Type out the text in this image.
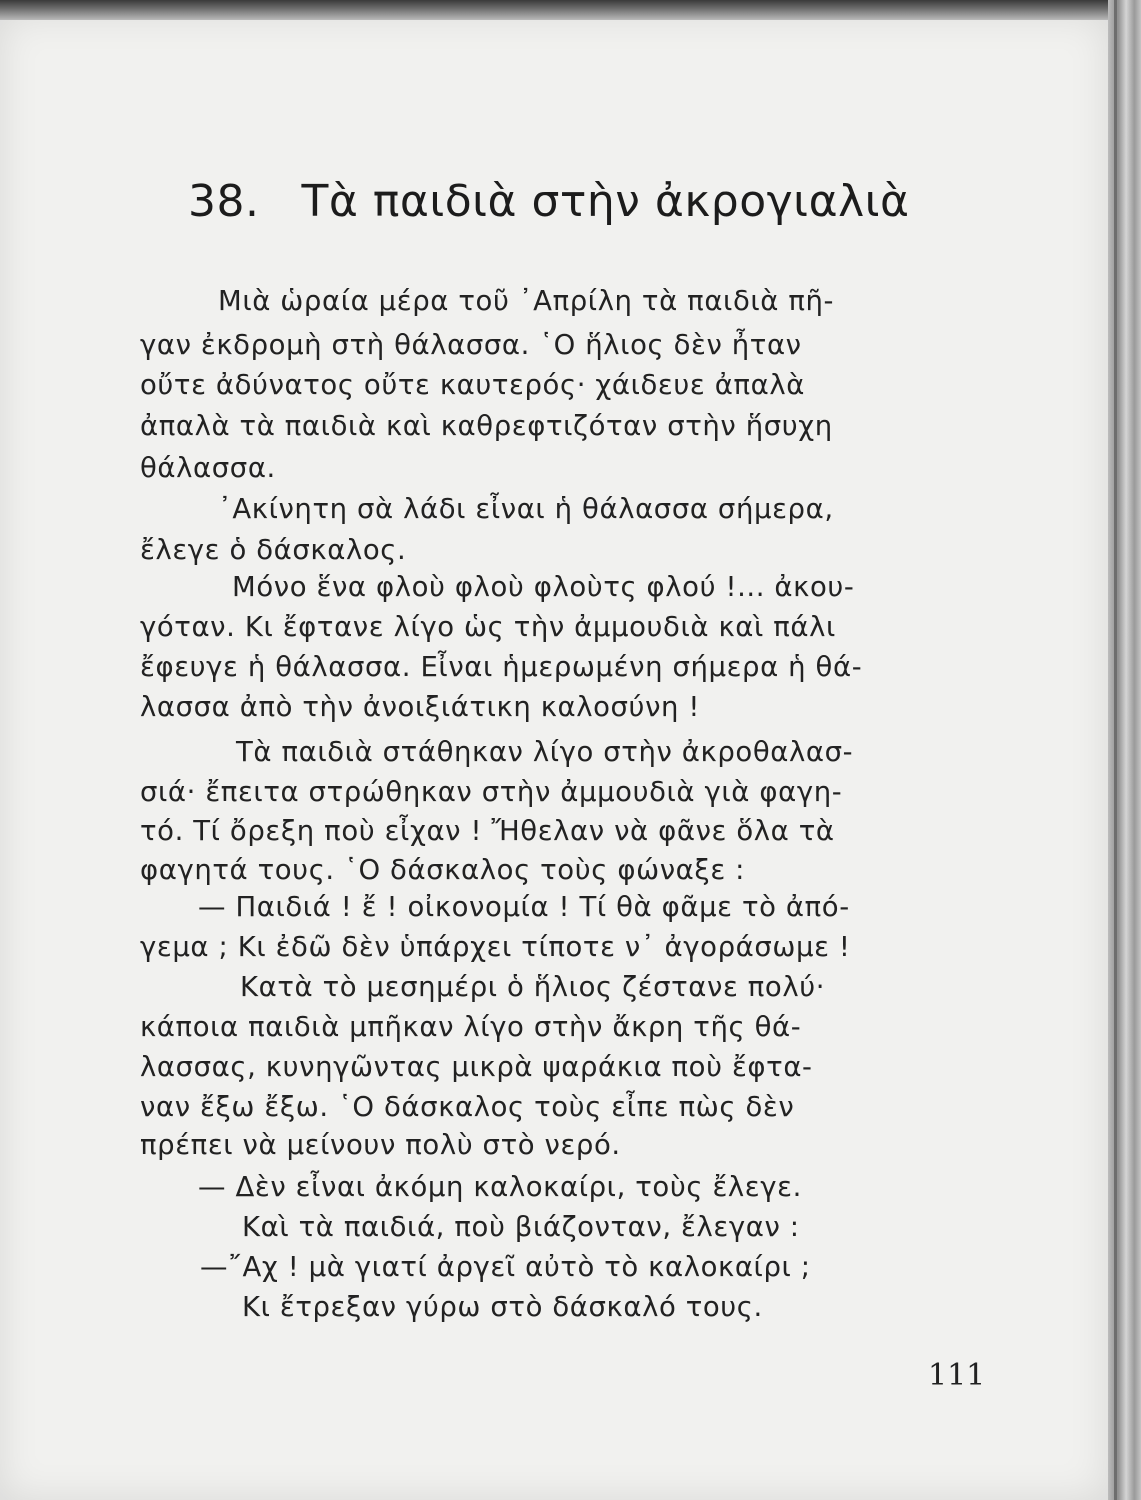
38. Τὰ παιδιὰ στὴν ἀκρογιαλιὰ
Μιὰ ὡραία μέρα τοῦ ᾿Απρίλη τὰ παιδιὰ πῆ-
γαν ἐκδρομὴ στὴ θάλασσα. ῾Ο ἥλιος δὲν ἦταν
οὔτε ἀδύνατος οὔτε καυτερός· χάιδευε ἀπαλὰ
ἀπαλὰ τὰ παιδιὰ καὶ καθρεφτιζόταν στὴν ἥσυχη
θάλασσα.
᾿Ακίνητη σὰ λάδι εἶναι ἡ θάλασσα σήμερα,
ἔλεγε ὁ δάσκαλος.
Μόνο ἕνα φλοὺ φλοὺ φλοὺτς φλού !... ἀκου-
γόταν. Κι ἔφτανε λίγο ὡς τὴν ἀμμουδιὰ καὶ πάλι
ἔφευγε ἡ θάλασσα. Εἶναι ἡμερωμένη σήμερα ἡ θά-
λασσα ἀπὸ τὴν ἀνοιξιάτικη καλοσύνη !
Τὰ παιδιὰ στάθηκαν λίγο στὴν ἀκροθαλασ-
σιά· ἔπειτα στρώθηκαν στὴν ἀμμουδιὰ γιὰ φαγη-
τό. Τί ὄρεξη ποὺ εἶχαν ! Ἤθελαν νὰ φᾶνε ὅλα τὰ
φαγητά τους. ῾Ο δάσκαλος τοὺς φώναξε :
— Παιδιά ! ἔ ! οἰκονομία ! Τί θὰ φᾶμε τὸ ἀπό-
γεμα ; Κι ἐδῶ δὲν ὑπάρχει τίποτε ν᾿ ἀγοράσωμε !
Κατὰ τὸ μεσημέρι ὁ ἥλιος ζέστανε πολύ·
κάποια παιδιὰ μπῆκαν λίγο στὴν ἄκρη τῆς θά-
λασσας, κυνηγῶντας μικρὰ ψαράκια ποὺ ἔφτα-
ναν ἔξω ἔξω. ῾Ο δάσκαλος τοὺς εἶπε πὼς δὲν
πρέπει νὰ μείνουν πολὺ στὸ νερό.
— Δὲν εἶναι ἀκόμη καλοκαίρι, τοὺς ἔλεγε.
Καὶ τὰ παιδιά, ποὺ βιάζονταν, ἔλεγαν :
—῎Αχ ! μὰ γιατί ἀργεῖ αὐτὸ τὸ καλοκαίρι ;
Κι ἔτρεξαν γύρω στὸ δάσκαλό τους.
111
